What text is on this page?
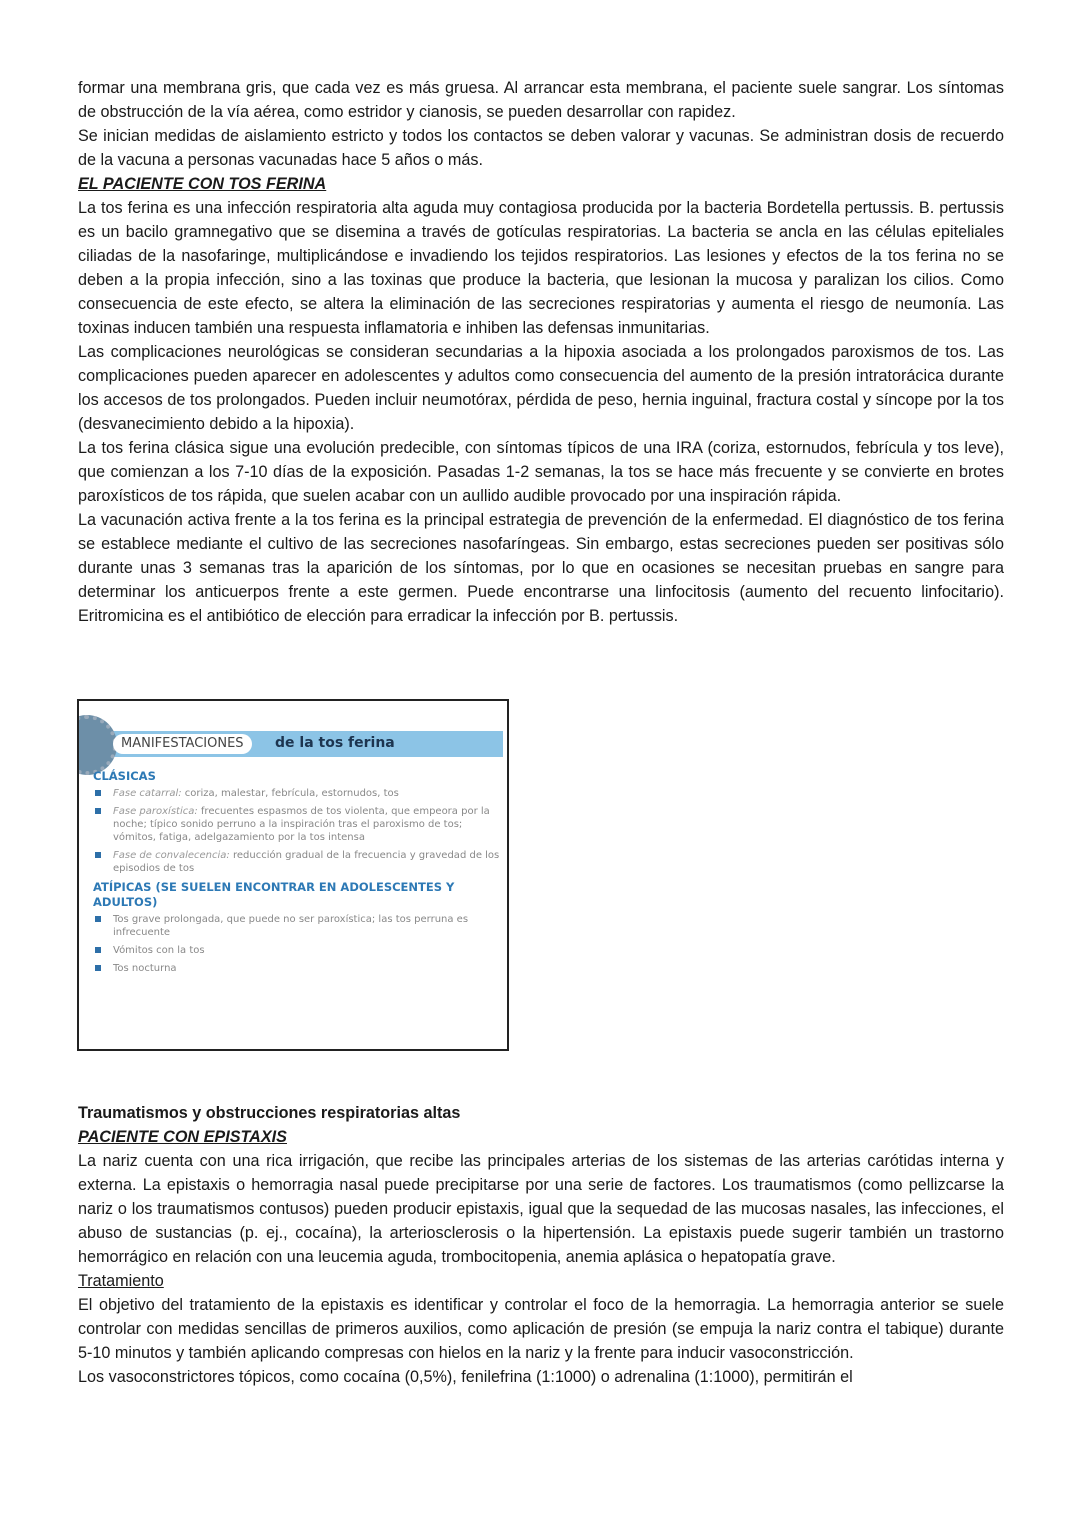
formar una membrana gris, que cada vez es más gruesa. Al arrancar esta membrana, el paciente suele sangrar. Los síntomas de obstrucción de la vía aérea, como estridor y cianosis, se pueden desarrollar con rapidez.

Se inician medidas de aislamiento estricto y todos los contactos se deben valorar y vacunas. Se administran dosis de recuerdo de la vacuna a personas vacunadas hace 5 años o más.

EL PACIENTE CON TOS FERINA

La tos ferina es una infección respiratoria alta aguda muy contagiosa producida por la bacteria Bordetella pertussis. B. pertussis es un bacilo gramnegativo que se disemina a través de gotículas respiratorias. La bacteria se ancla en las células epiteliales ciliadas de la nasofaringe, multiplicándose e invadiendo los tejidos respiratorios. Las lesiones y efectos de la tos ferina no se deben a la propia infección, sino a las toxinas que produce la bacteria, que lesionan la mucosa y paralizan los cilios. Como consecuencia de este efecto, se altera la eliminación de las secreciones respiratorias y aumenta el riesgo de neumonía. Las toxinas inducen también una respuesta inflamatoria e inhiben las defensas inmunitarias.

Las complicaciones neurológicas se consideran secundarias a la hipoxia asociada a los prolongados paroxismos de tos. Las complicaciones pueden aparecer en adolescentes y adultos como consecuencia del aumento de la presión intratorácica durante los accesos de tos prolongados. Pueden incluir neumotórax, pérdida de peso, hernia inguinal, fractura costal y síncope por la tos (desvanecimiento debido a la hipoxia).

La tos ferina clásica sigue una evolución predecible, con síntomas típicos de una IRA (coriza, estornudos, febrícula y tos leve), que comienzan a los 7-10 días de la exposición. Pasadas 1-2 semanas, la tos se hace más frecuente y se convierte en brotes paroxísticos de tos rápida, que suelen acabar con un aullido audible provocado por una inspiración rápida.

La vacunación activa frente a la tos ferina es la principal estrategia de prevención de la enfermedad. El diagnóstico de tos ferina se establece mediante el cultivo de las secreciones nasofaríngeas. Sin embargo, estas secreciones pueden ser positivas sólo durante unas 3 semanas tras la aparición de los síntomas, por lo que en ocasiones se necesitan pruebas en sangre para determinar los anticuerpos frente a este germen. Puede encontrarse una linfocitosis (aumento del recuento linfocitario). Eritromicina es el antibiótico de elección para erradicar la infección por B. pertussis.

MANIFESTACIONES	de la tos ferina
CLÁSICAS
Fase catarral: coriza, malestar, febrícula, estornudos, tos
Fase paroxística: frecuentes espasmos de tos violenta, que empeora por la noche; típico sonido perruno a la inspiración tras el paroxismo de tos; vómitos, fatiga, adelgazamiento por la tos intensa
Fase de convalecencia: reducción gradual de la frecuencia y gravedad de los episodios de tos
ATÍPICAS (SE SUELEN ENCONTRAR EN ADOLESCENTES Y ADULTOS)
Tos grave prolongada, que puede no ser paroxística; las tos perruna es infrecuente
Vómitos con la tos
Tos nocturna
Traumatismos y obstrucciones respiratorias altas
PACIENTE CON EPISTAXIS

La nariz cuenta con una rica irrigación, que recibe las principales arterias de los sistemas de las arterias carótidas interna y externa. La epistaxis o hemorragia nasal puede precipitarse por una serie de factores. Los traumatismos (como pellizcarse la nariz o los traumatismos contusos) pueden producir epistaxis, igual que la sequedad de las mucosas nasales, las infecciones, el abuso de sustancias (p. ej., cocaína), la arteriosclerosis o la hipertensión. La epistaxis puede sugerir también un trastorno hemorrágico en relación con una leucemia aguda, trombocitopenia, anemia aplásica o hepatopatía grave.

Tratamiento

El objetivo del tratamiento de la epistaxis es identificar y controlar el foco de la hemorragia. La hemorragia anterior se suele controlar con medidas sencillas de primeros auxilios, como aplicación de presión (se empuja la nariz contra el tabique) durante 5-10 minutos y también aplicando compresas con hielos en la nariz y la frente para inducir vasoconstricción.

Los vasoconstrictores tópicos, como cocaína (0,5%), fenilefrina (1:1000) o adrenalina (1:1000), permitirán el
